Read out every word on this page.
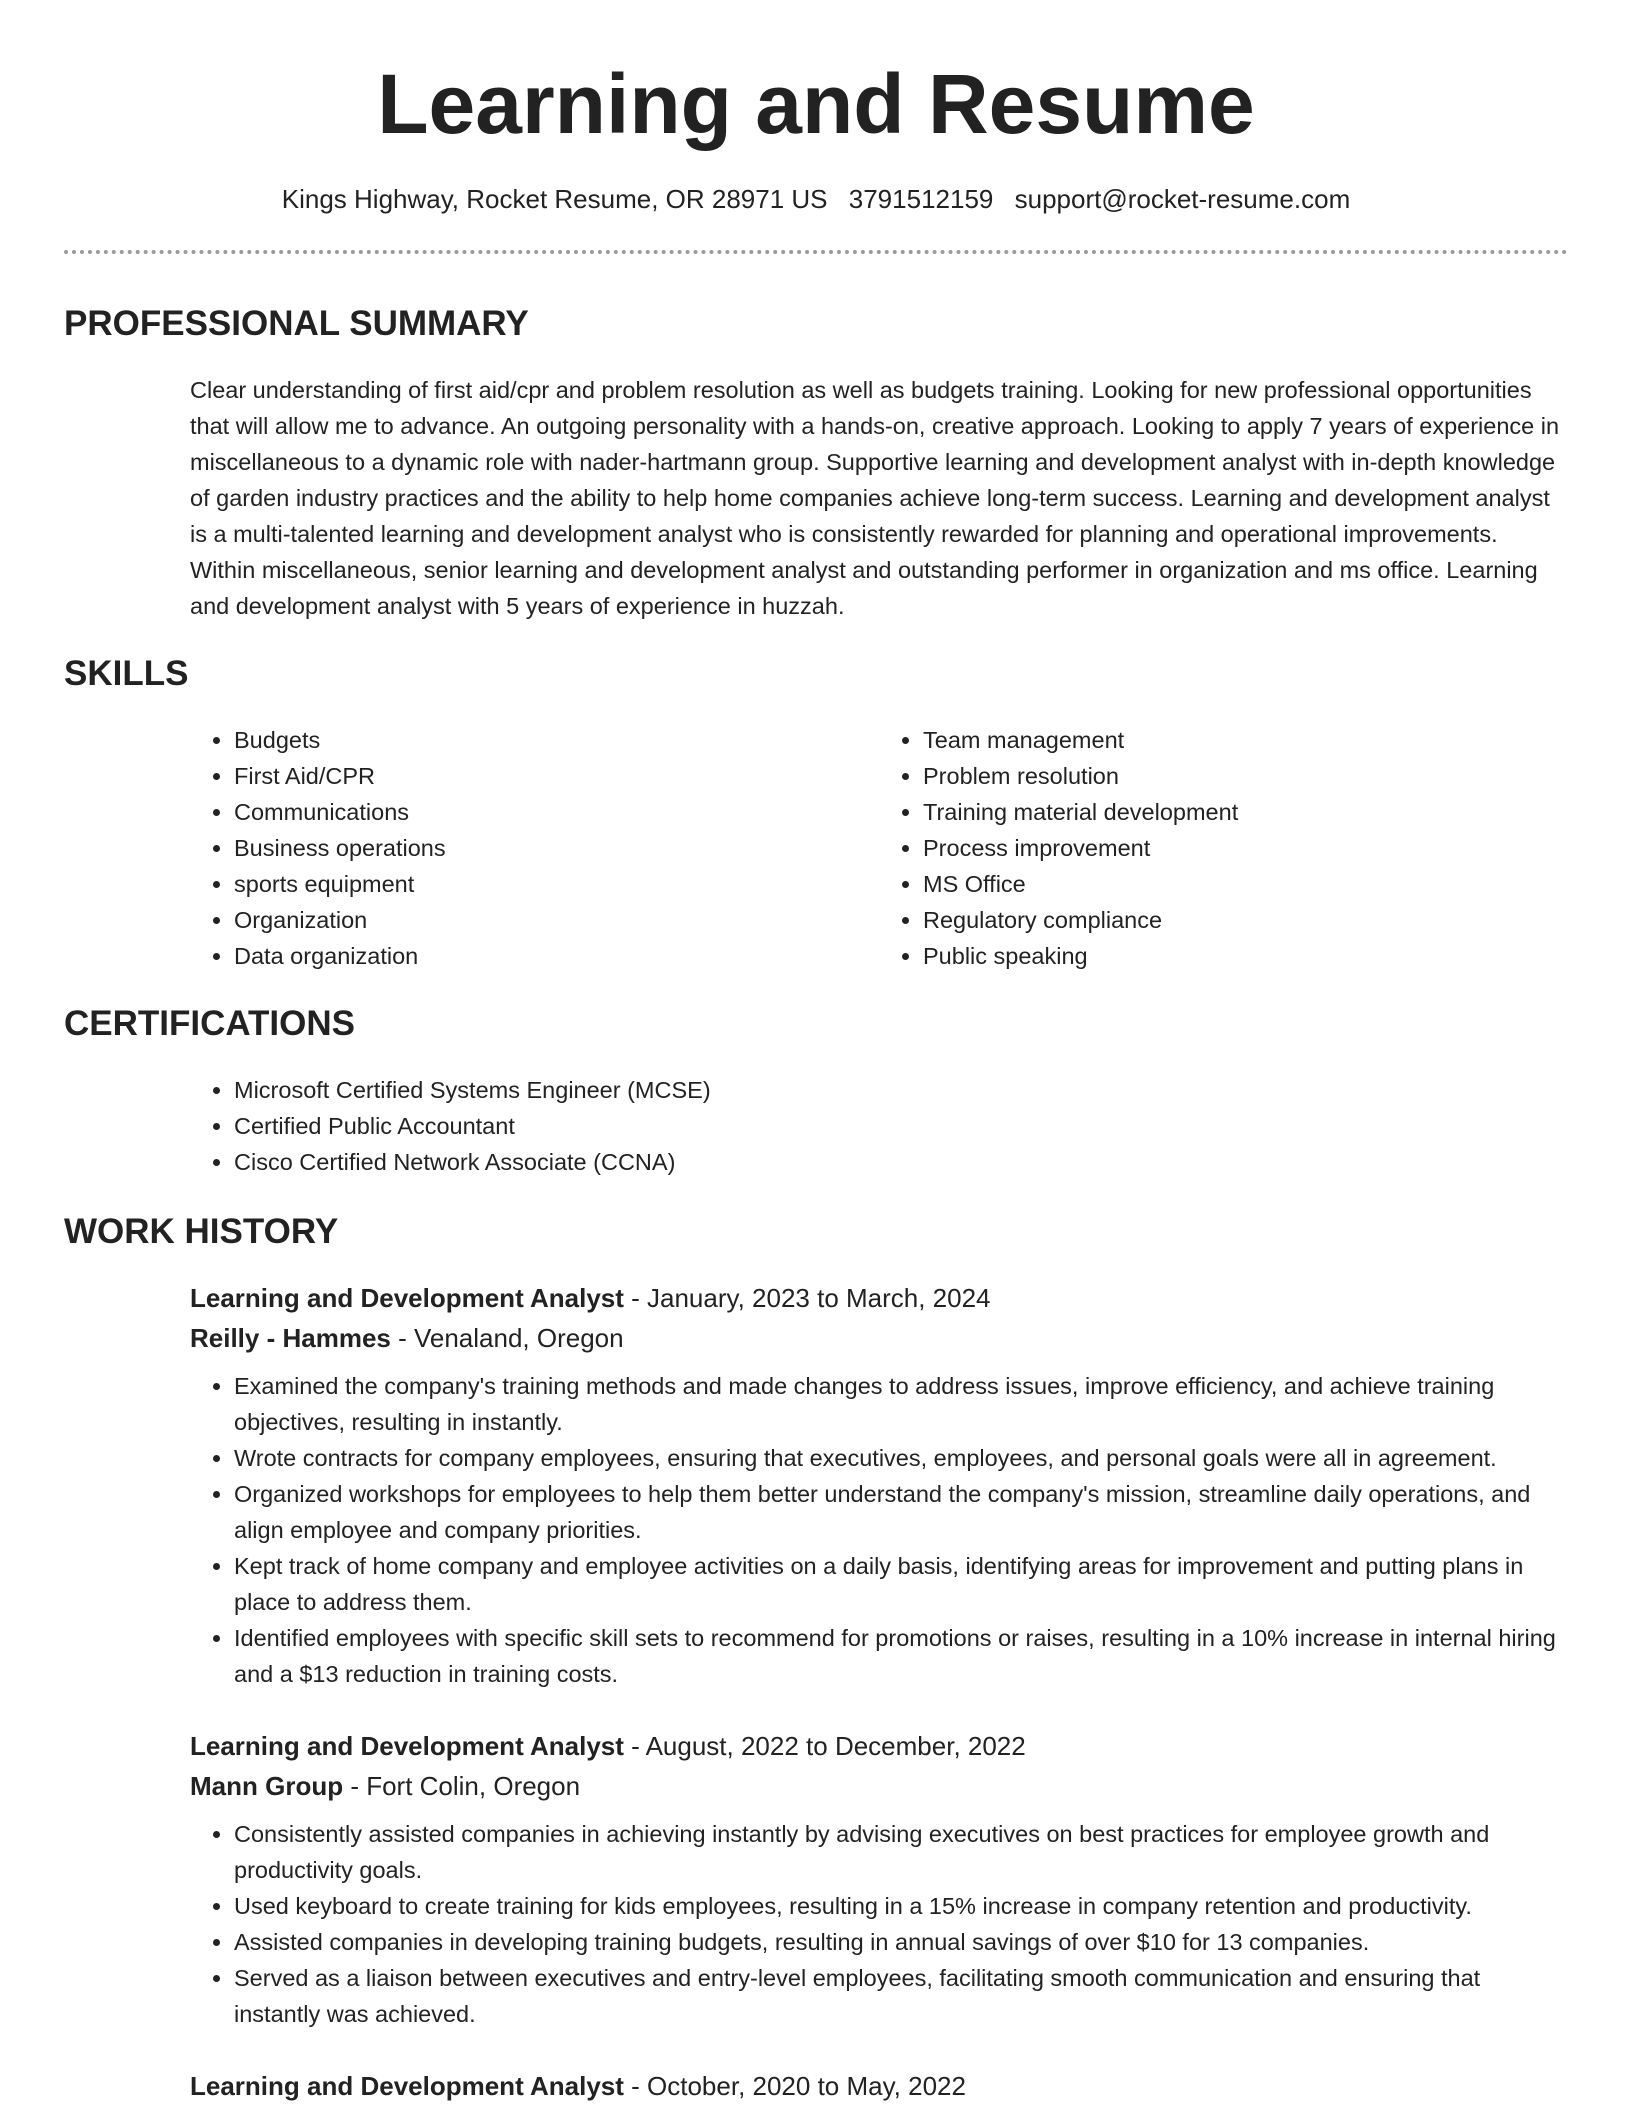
Learning and Resume
Kings Highway, Rocket Resume, OR 28971 US 3791512159 support@rocket-resume.com
PROFESSIONAL SUMMARY

Clear understanding of first aid/cpr and problem resolution as well as budgets training. Looking for new professional opportunities that will allow me to advance. An outgoing personality with a hands-on, creative approach. Looking to apply 7 years of experience in miscellaneous to a dynamic role with nader-hartmann group. Supportive learning and development analyst with in-depth knowledge of garden industry practices and the ability to help home companies achieve long-term success. Learning and development analyst is a multi-talented learning and development analyst who is consistently rewarded for planning and operational improvements. Within miscellaneous, senior learning and development analyst and outstanding performer in organization and ms office. Learning and development analyst with 5 years of experience in huzzah.

SKILLS
• Budgets
• First Aid/CPR
• Communications
• Business operations
• sports equipment
• Organization
• Data organization
• Team management
• Problem resolution
• Training material development
• Process improvement
• MS Office
• Regulatory compliance
• Public speaking
CERTIFICATIONS
• Microsoft Certified Systems Engineer (MCSE)
• Certified Public Accountant
• Cisco Certified Network Associate (CCNA)
WORK HISTORY
Learning and Development Analyst - January, 2023 to March, 2024
Reilly - Hammes - Venaland, Oregon
• Examined the company's training methods and made changes to address issues, improve efficiency, and achieve training objectives, resulting in instantly.
• Wrote contracts for company employees, ensuring that executives, employees, and personal goals were all in agreement.
• Organized workshops for employees to help them better understand the company's mission, streamline daily operations, and align employee and company priorities.
• Kept track of home company and employee activities on a daily basis, identifying areas for improvement and putting plans in place to address them.
• Identified employees with specific skill sets to recommend for promotions or raises, resulting in a 10% increase in internal hiring and a $13 reduction in training costs.
Learning and Development Analyst - August, 2022 to December, 2022
Mann Group - Fort Colin, Oregon
• Consistently assisted companies in achieving instantly by advising executives on best practices for employee growth and productivity goals.
• Used keyboard to create training for kids employees, resulting in a 15% increase in company retention and productivity.
• Assisted companies in developing training budgets, resulting in annual savings of over $10 for 13 companies.
• Served as a liaison between executives and entry-level employees, facilitating smooth communication and ensuring that instantly was achieved.
Learning and Development Analyst - October, 2020 to May, 2022
